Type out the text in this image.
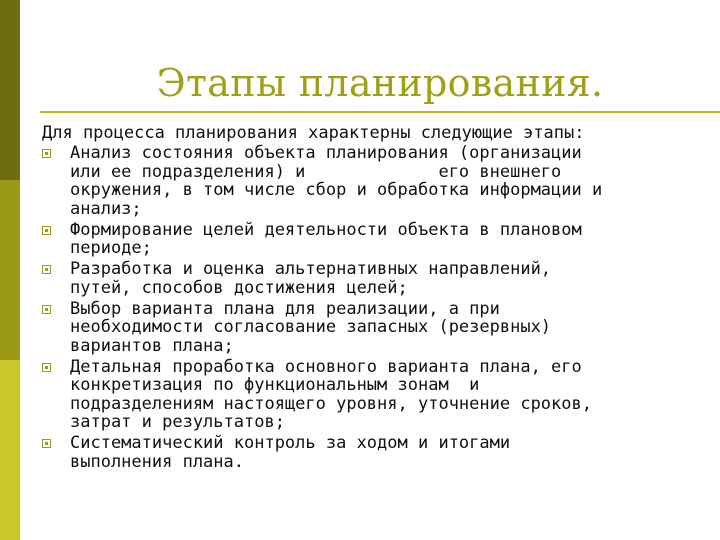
Этапы планирования.
Для процесса планирования характерны следующие этапы:
Анализ состояния объекта планирования (организации
или ее подразделения) и             его внешнего
окружения, в том числе сбор и обработка информации и
анализ;
Формирование целей деятельности объекта в плановом
периоде;
Разработка и оценка альтернативных направлений,
путей, способов достижения целей;
Выбор варианта плана для реализации, а при
необходимости согласование запасных (резервных)
вариантов плана;
Детальная проработка основного варианта плана, его
конкретизация по функциональным зонам  и
подразделениям настоящего уровня, уточнение сроков,
затрат и результатов;
Систематический контроль за ходом и итогами
выполнения плана.
